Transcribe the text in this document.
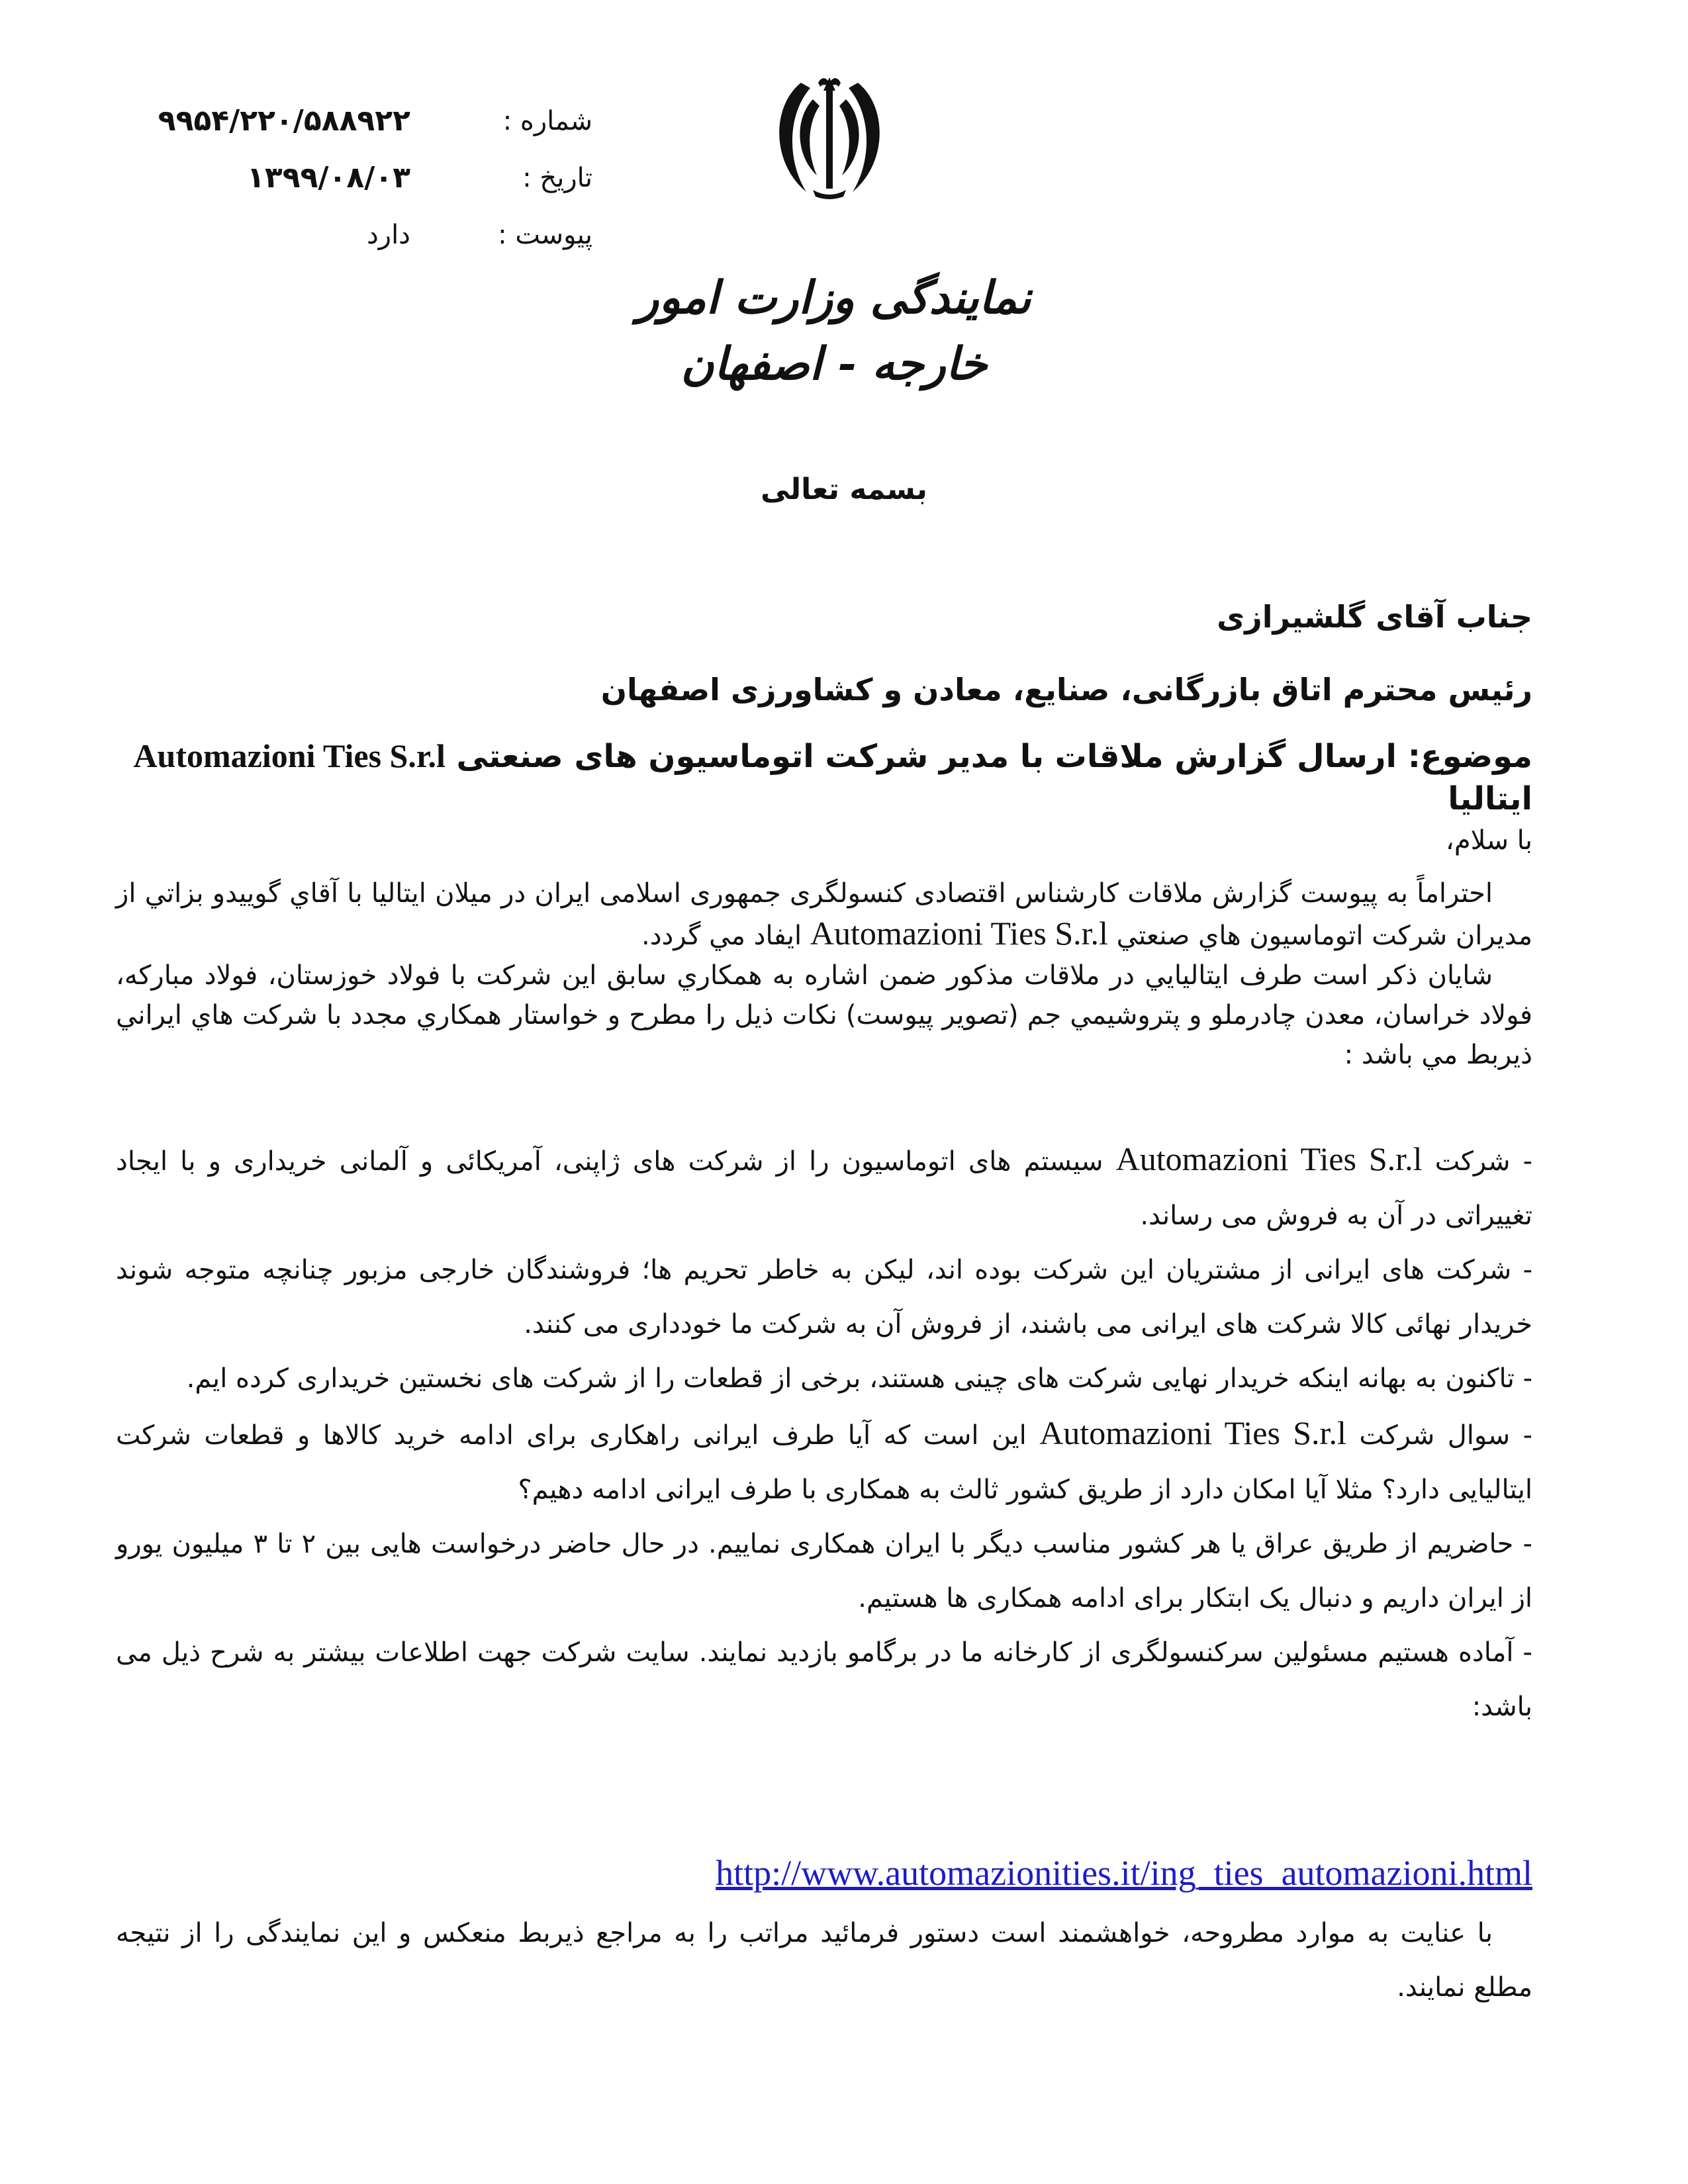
شماره :
تاریخ :
پیوست :
۹۹۵۴/۲۲۰/۵۸۸۹۲۲
۱۳۹۹/۰۸/۰۳
دارد
نمایندگی وزارت امور خارجه - اصفهان
بسمه تعالی
جناب آقای گلشیرازی
رئیس محترم اتاق بازرگانی، صنایع، معادن و کشاورزی اصفهان
موضوع: ارسال گزارش ملاقات با مدیر شرکت اتوماسیون های صنعتی Automazioni Ties S.r.l ایتالیا
با سلام،

احتراماً به پیوست گزارش ملاقات کارشناس اقتصادی کنسولگری جمهوری اسلامی ایران در میلان ایتالیا با آقاي گوییدو بزاتي از مديران شرکت اتوماسيون هاي صنعتي Automazioni Ties S.r.l ايفاد مي گردد.

شايان ذکر است طرف ايتاليايي در ملاقات مذکور ضمن اشاره به همکاري سابق اين شرکت با فولاد خوزستان، فولاد مبارکه، فولاد خراسان، معدن چادرملو و پتروشيمي جم (تصوير پيوست) نکات ذيل را مطرح و خواستار همکاري مجدد با شرکت هاي ايراني ذيربط مي باشد :

- شرکت Automazioni Ties S.r.l سیستم های اتوماسیون را از شرکت های ژاپنی، آمریکائی و آلمانی خریداری و با ایجاد تغییراتی در آن به فروش می رساند.

- شرکت های ایرانی از مشتریان این شرکت بوده اند، لیکن به خاطر تحریم ها؛ فروشندگان خارجی مزبور چنانچه متوجه شوند خریدار نهائی کالا شرکت های ایرانی می باشند، از فروش آن به شرکت ما خودداری می کنند.

- تاکنون به بهانه اینکه خریدار نهایی شرکت های چینی هستند، برخی از قطعات را از شرکت های نخستین خریداری کرده ایم.

- سوال شرکت Automazioni Ties S.r.l این است که آیا طرف ایرانی راهکاری برای ادامه خرید کالاها و قطعات شرکت ایتالیایی دارد؟ مثلا آیا امکان دارد از طریق کشور ثالث به همکاری با طرف ایرانی ادامه دهیم؟

- حاضریم از طریق عراق یا هر کشور مناسب دیگر با ایران همکاری نماییم. در حال حاضر درخواست هایی بین ۲ تا ۳ میلیون یورو از ایران داریم و دنبال یک ابتکار برای ادامه همکاری ها هستیم.

- آماده هستیم مسئولین سرکنسولگری از کارخانه ما در برگامو بازدید نمایند. سایت شرکت جهت اطلاعات بیشتر به شرح ذیل می باشد:

http://www.automazionities.it/ing_ties_automazioni.html

با عنایت به موارد مطروحه، خواهشمند است دستور فرمائید مراتب را به مراجع ذیربط منعکس و این نمایندگی را از نتیجه مطلع نمایند.
